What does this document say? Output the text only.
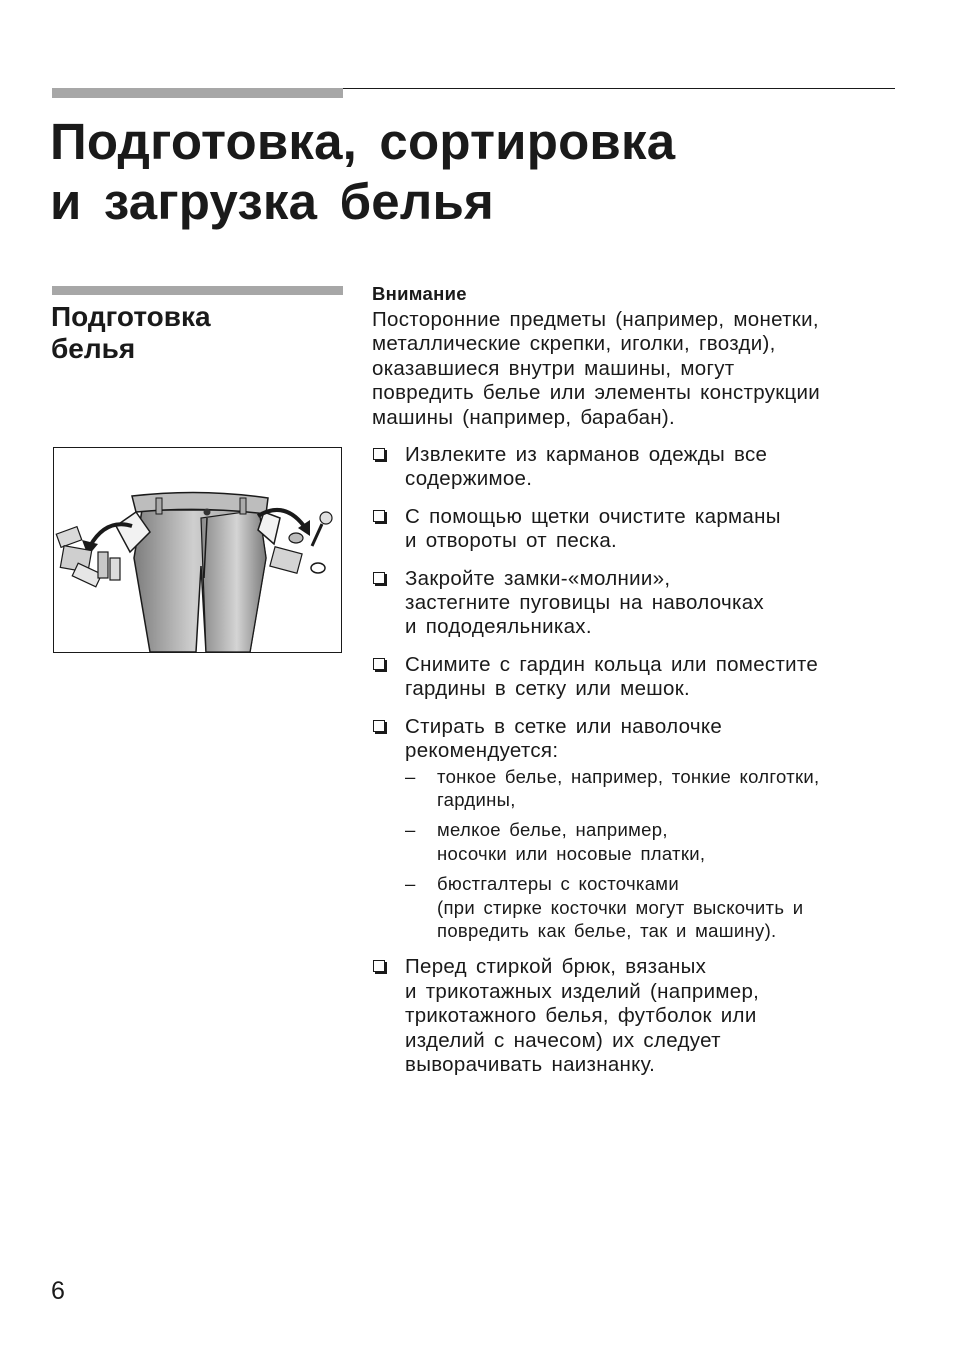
Подготовка, сортировка
и загрузка белья
Подготовка
белья
Внимание

Посторонние предметы (например, монетки,
металлические скрепки, иголки, гвозди),
оказавшиеся внутри машины, могут
повредить белье или элементы конструкции
машины (например, барабан).

Извлеките из карманов одежды все
содержимое.
С помощью щетки очистите карманы
и отвороты от песка.
Закройте замки-«молнии»,
застегните пуговицы на наволочках
и пододеяльниках.
Снимите с гардин кольца или поместите
гардины в сетку или мешок.
Стирать в сетке или наволочке
рекомендуется:
– тонкое белье, например, тонкие колготки,
гардины,
– мелкое белье, например,
носочки или носовые платки,
– бюстгалтеры с косточками
(при стирке косточки могут выскочить и
повредить как белье, так и машину).
Перед стиркой брюк, вязаных
и трикотажных изделий (например,
трикотажного белья, футболок или
изделий с начесом) их следует
выворачивать наизнанку.
6
